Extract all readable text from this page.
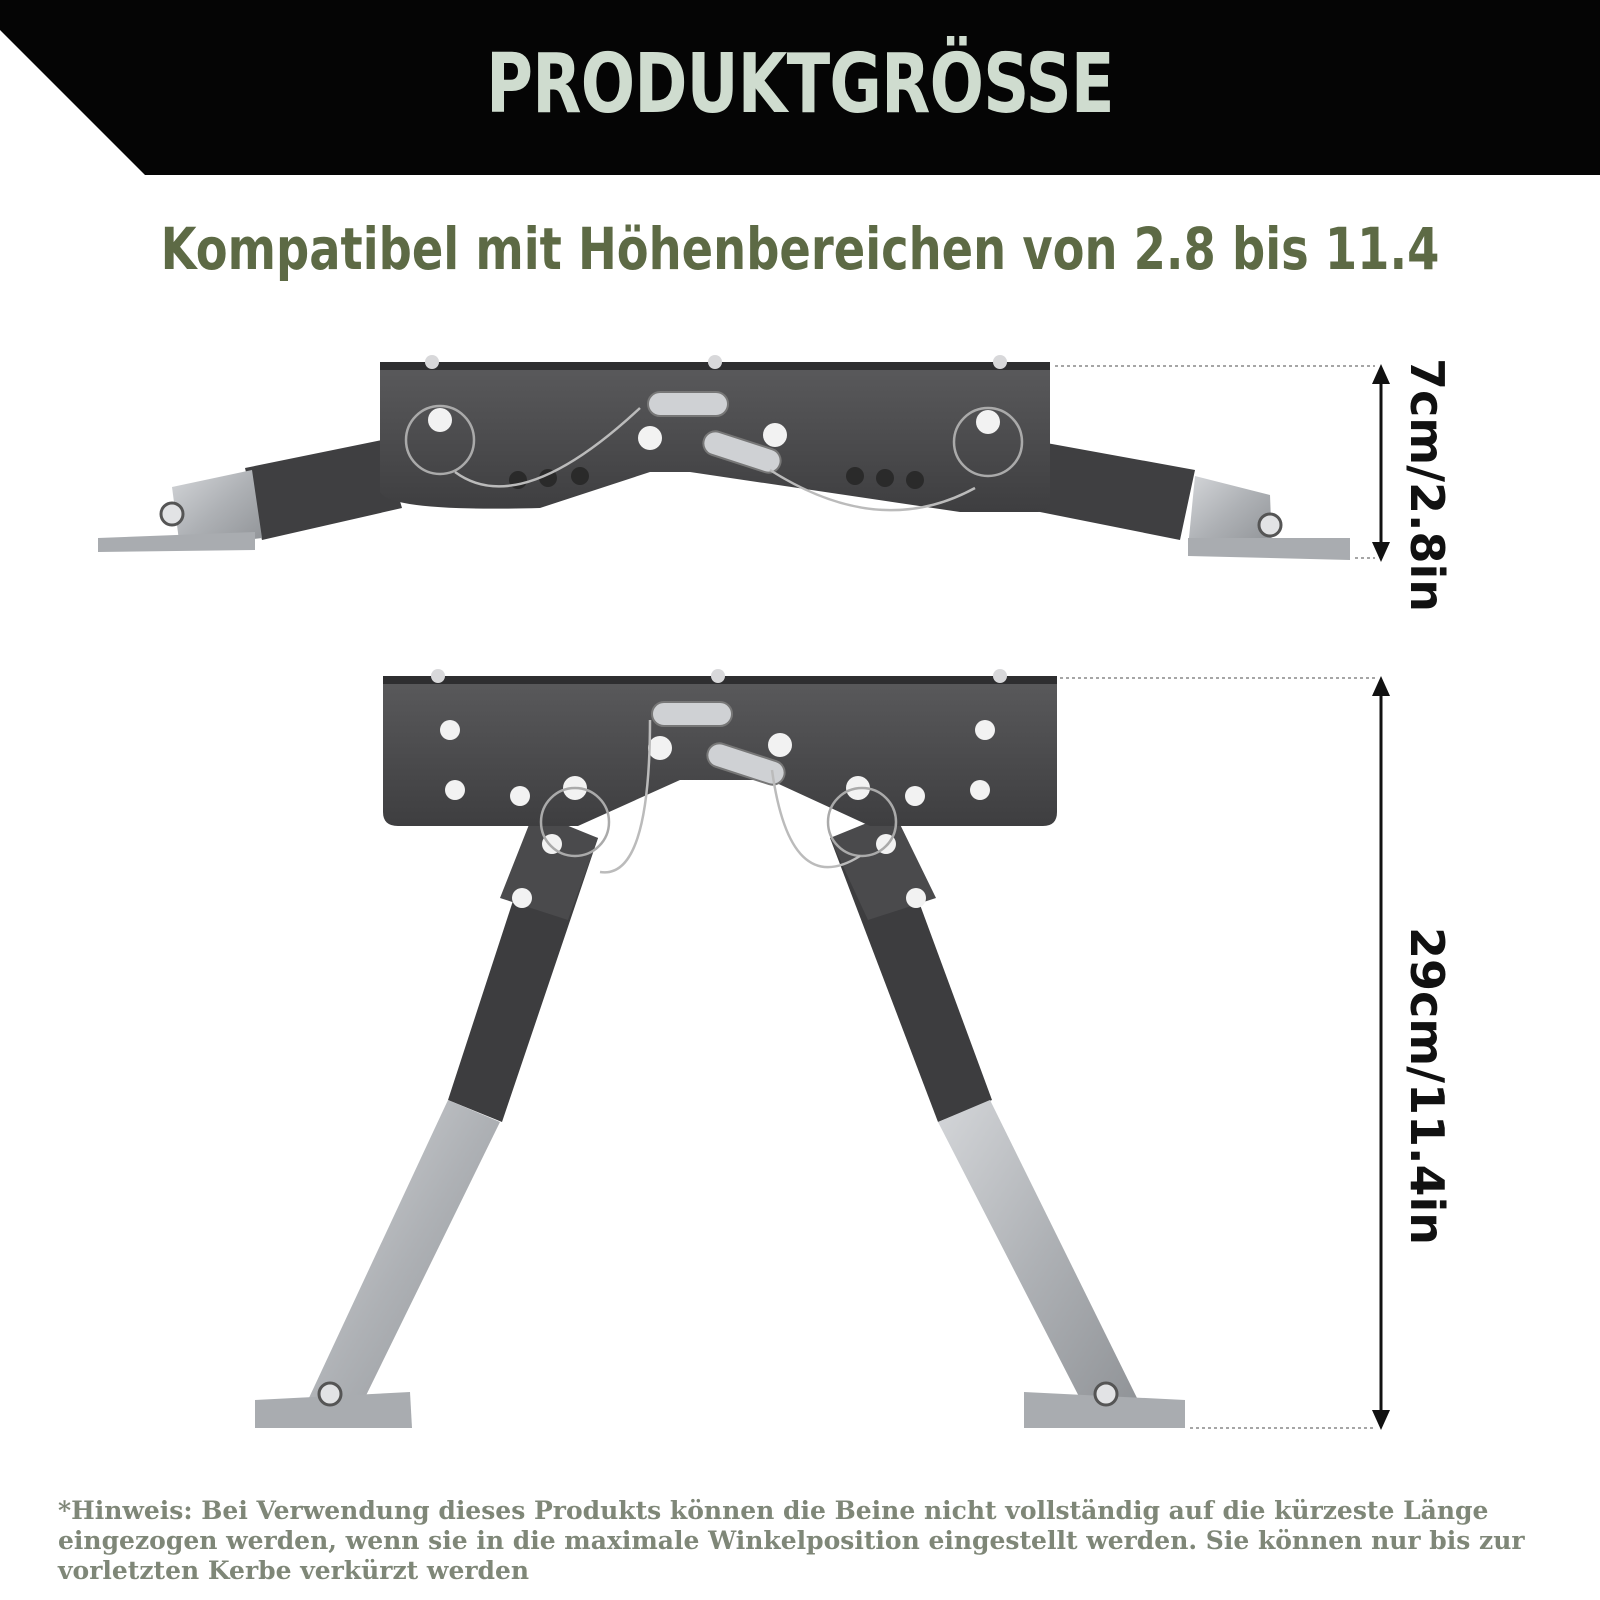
PRODUKTGRÖSSE
Kompatibel mit Höhenbereichen von 2.8 bis 11.4
7cm/2.8in
29cm/11.4in
*Hinweis: Bei Verwendung dieses Produkts können die Beine nicht vollständig auf die kürzeste Länge eingezogen werden, wenn sie in die maximale Winkelposition eingestellt werden. Sie können nur bis zur vorletzten Kerbe verkürzt werden
